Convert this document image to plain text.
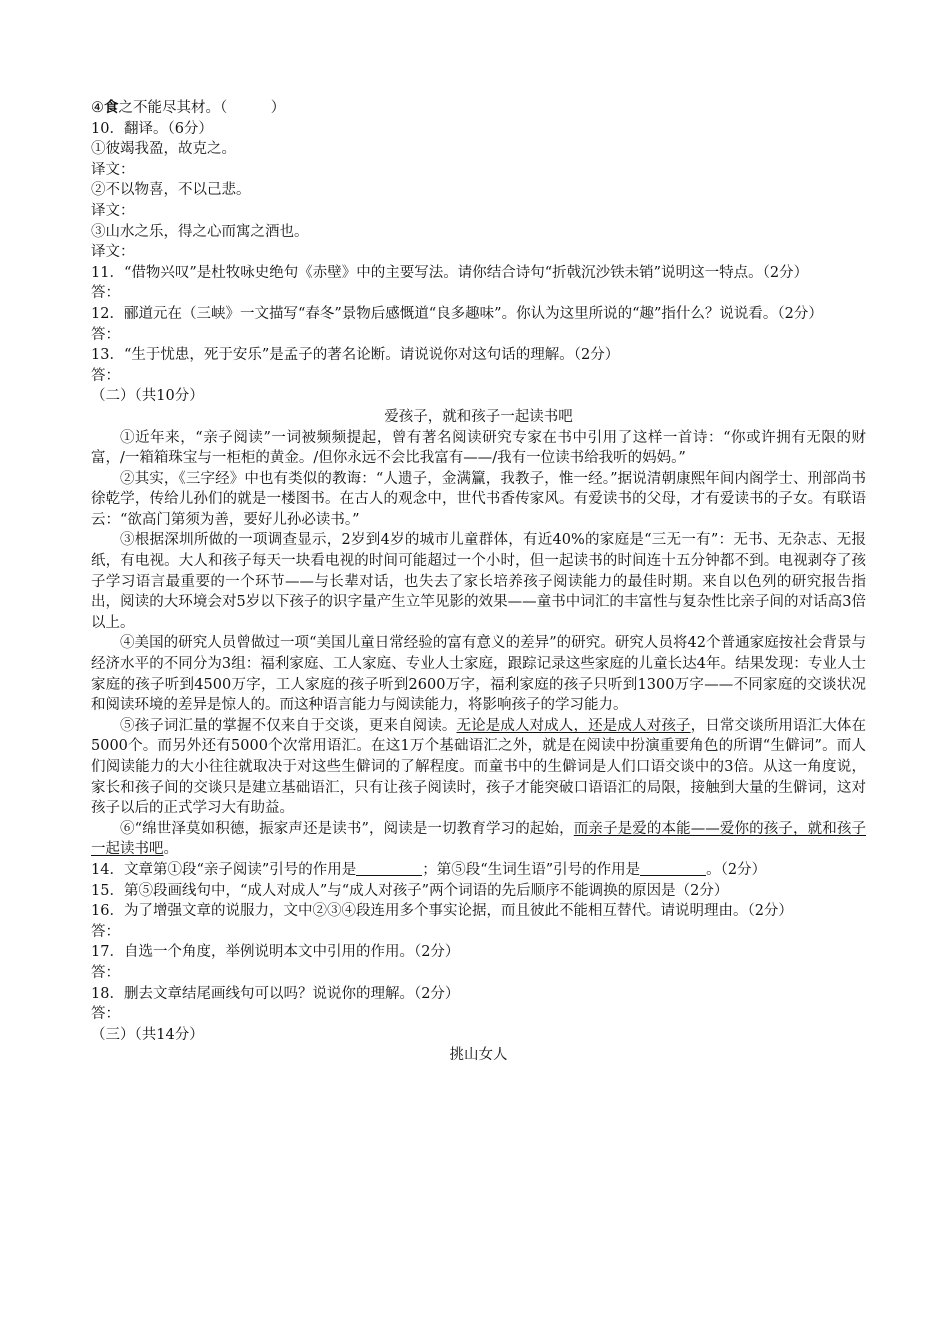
④食之不能尽其材。（　　　）

10．翻译。（6分）

①彼竭我盈，故克之。

译文：

②不以物喜，不以己悲。

译文：

③山水之乐，得之心而寓之酒也。

译文：

11．“借物兴叹”是杜牧咏史绝句《赤壁》中的主要写法。请你结合诗句“折戟沉沙铁未销”说明这一特点。（2分）

答：

12．郦道元在（三峡》一文描写“春冬”景物后感慨道“良多趣味”。你认为这里所说的“趣”指什么？说说看。（2分）

答：

13．“生于忧患，死于安乐”是孟子的著名论断。请说说你对这句话的理解。（2分）

答：

（二）（共10分）

爱孩子，就和孩子一起读书吧

①近年来，“亲子阅读”一词被频频提起，曾有著名阅读研究专家在书中引用了这样一首诗：“你或许拥有无限的财富，/一箱箱珠宝与一柜柜的黄金。/但你永远不会比我富有——/我有一位读书给我听的妈妈。”

②其实，《三字经》中也有类似的教诲：“人遗子，金满籯，我教子，惟一经。”据说清朝康熙年间内阁学士、刑部尚书徐乾学，传给儿孙们的就是一楼图书。在古人的观念中，世代书香传家风。有爱读书的父母，才有爱读书的子女。有联语云：“欲高门第须为善，要好儿孙必读书。”

③根据深圳所做的一项调查显示，2岁到4岁的城市儿童群体，有近40%的家庭是“三无一有”：无书、无杂志、无报纸，有电视。大人和孩子每天一块看电视的时间可能超过一个小时，但一起读书的时间连十五分钟都不到。电视剥夺了孩子学习语言最重要的一个环节——与长辈对话，也失去了家长培养孩子阅读能力的最佳时期。来自以色列的研究报告指出，阅读的大环境会对5岁以下孩子的识字量产生立竿见影的效果——童书中词汇的丰富性与复杂性比亲子间的对话高3倍以上。

④美国的研究人员曾做过一项“美国儿童日常经验的富有意义的差异”的研究。研究人员将42个普通家庭按社会背景与经济水平的不同分为3组：福利家庭、工人家庭、专业人士家庭，跟踪记录这些家庭的儿童长达4年。结果发现：专业人士家庭的孩子听到4500万字，工人家庭的孩子听到2600万字，福利家庭的孩子只听到1300万字——不同家庭的交谈状况和阅读环境的差异是惊人的。而这种语言能力与阅读能力，将影响孩子的学习能力。

⑤孩子词汇量的掌握不仅来自于交谈，更来自阅读。无论是成人对成人，还是成人对孩子，日常交谈所用语汇大体在5000个。而另外还有5000个次常用语汇。在这1万个基础语汇之外，就是在阅读中扮演重要角色的所谓“生僻词”。而人们阅读能力的大小往往就取决于对这些生僻词的了解程度。而童书中的生僻词是人们口语交谈中的3倍。从这一角度说，家长和孩子间的交谈只是建立基础语汇，只有让孩子阅读时，孩子才能突破口语语汇的局限，接触到大量的生僻词，这对孩子以后的正式学习大有助益。

⑥“绵世泽莫如积德，振家声还是读书”，阅读是一切教育学习的起始，而亲子是爱的本能——爱你的孩子，就和孩子一起读书吧。

14．文章第①段“亲子阅读”引号的作用是	；第⑤段“生词生语”引号的作用是	。（2分）

15．第⑤段画线句中，“成人对成人”与“成人对孩子”两个词语的先后顺序不能调换的原因是（2分）

16．为了增强文章的说服力，文中②③④段连用多个事实论据，而且彼此不能相互替代。请说明理由。（2分）

答：

17．自选一个角度，举例说明本文中引用的作用。（2分）

答：

18．删去文章结尾画线句可以吗？说说你的理解。（2分）

答：

（三）（共14分）

挑山女人
